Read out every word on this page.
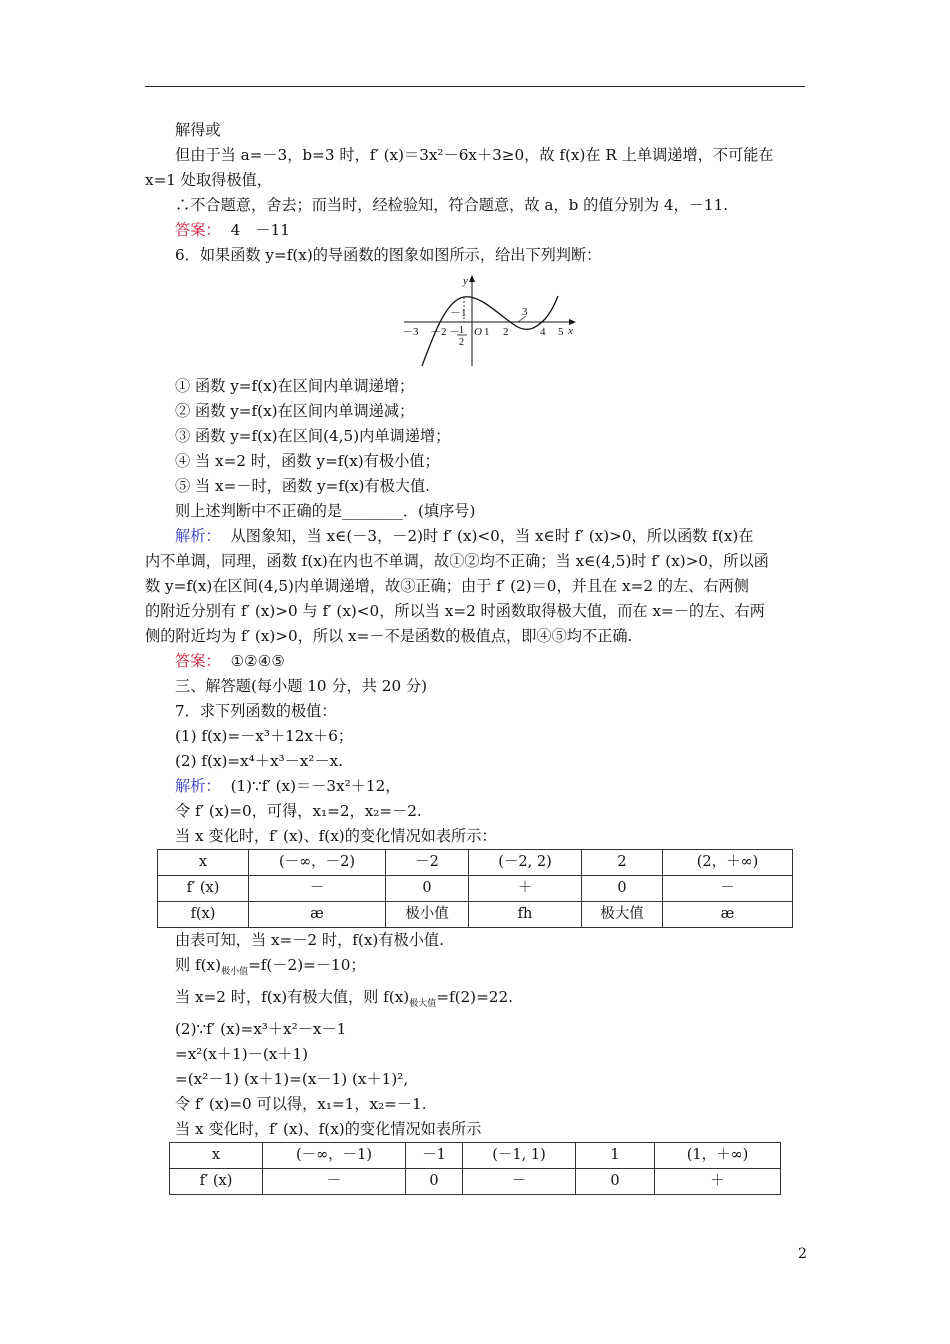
解得或
但由于当 a=－3，b=3 时，f′ (x)＝3x²－6x＋3≥0，故 f(x)在 R 上单调递增，不可能在
x=1 处取得极值，
∴不合题意，舍去；而当时，经检验知，符合题意，故 a，b 的值分别为 4，－11.
答案： 4　－11
6．如果函数 y=f(x)的导函数的图象如图所示，给出下列判断：
y
x
O
－3 －2	1 2	4 5
－1	3
－ 1
2
① 函数 y=f(x)在区间内单调递增；
② 函数 y=f(x)在区间内单调递减；
③ 函数 y=f(x)在区间(4,5)内单调递增；
④ 当 x=2 时，函数 y=f(x)有极小值；
⑤ 当 x=－时，函数 y=f(x)有极大值.
则上述判断中不正确的是________．(填序号)
解析： 从图象知，当 x∈(－3，－2)时 f′ (x)<0，当 x∈时 f′ (x)>0，所以函数 f(x)在
内不单调，同理，函数 f(x)在内也不单调，故①②均不正确；当 x∈(4,5)时 f′ (x)>0，所以函
数 y=f(x)在区间(4,5)内单调递增，故③正确；由于 f′ (2)＝0，并且在 x=2 的左、右两侧
的附近分别有 f′ (x)>0 与 f′ (x)<0，所以当 x=2 时函数取得极大值，而在 x=－的左、右两
侧的附近均为 f′ (x)>0，所以 x=－不是函数的极值点，即④⑤均不正确.
答案： ①②④⑤
三、解答题(每小题 10 分，共 20 分)
7．求下列函数的极值：
(1) f(x)=－x³＋12x＋6；
(2) f(x)=x⁴＋x³－x²－x.
解析： (1)∵f′ (x)＝－3x²＋12，
令 f′ (x)=0，可得，x₁=2，x₂=－2.
当 x 变化时，f′ (x)、f(x)的变化情况如表所示：
x	(－∞，－2)	－2	(－2, 2)	2	(2，＋∞)
f′ (x)	－	0	＋	0	－
f(x)	æ	极小值	fh	极大值	æ
由表可知，当 x=－2 时，f(x)有极小值.
则 $f(x)_{极小值}=f(-2)=-10$；
当 x=2 时，f(x)有极大值，则 $f(x)_{极大值}=f(2)=22$.
(2)∵f′ (x)=x³＋x²－x－1
=x²(x＋1)－(x＋1)
=(x²－1) (x＋1)=(x－1) (x＋1)²,
令 f′ (x)=0 可以得，x₁=1，x₂=－1.
当 x 变化时，f′ (x)、f(x)的变化情况如表所示
x	(－∞，－1)	－1	(－1, 1)	1	(1，＋∞)
f′ (x)	－	0	－	0	＋
2
